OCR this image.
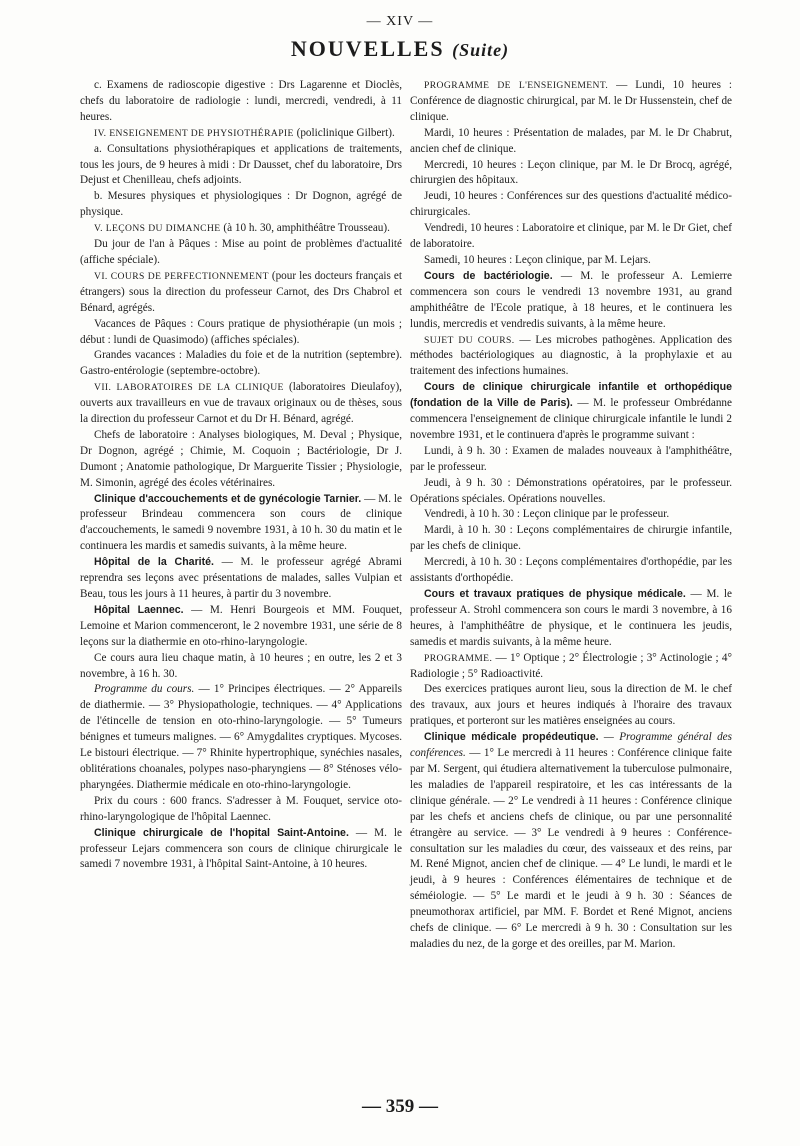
— XIV —
NOUVELLES (Suite)

c. Examens de radioscopie digestive : Drs Lagarenne et Dioclès, chefs du laboratoire de radiologie : lundi, mercredi, vendredi, à 11 heures.

IV. ENSEIGNEMENT DE PHYSIOTHÉRAPIE (policlinique Gilbert).

a. Consultations physiothérapiques et applications de traitements, tous les jours, de 9 heures à midi : Dr Dausset, chef du laboratoire, Drs Dejust et Chenilleau, chefs adjoints.

b. Mesures physiques et physiologiques : Dr Dognon, agrégé de physique.

V. LEÇONS DU DIMANCHE (à 10 h. 30, amphithéâtre Trousseau).

Du jour de l'an à Pâques : Mise au point de problèmes d'actualité (affiche spéciale).

VI. COURS DE PERFECTIONNEMENT (pour les docteurs français et étrangers) sous la direction du professeur Carnot, des Drs Chabrol et Bénard, agrégés.

Vacances de Pâques : Cours pratique de physiothérapie (un mois ; début : lundi de Quasimodo) (affiches spéciales).

Grandes vacances : Maladies du foie et de la nutrition (septembre). Gastro-entérologie (septembre-octobre).

VII. LABORATOIRES DE LA CLINIQUE (laboratoires Dieulafoy), ouverts aux travailleurs en vue de travaux originaux ou de thèses, sous la direction du professeur Carnot et du Dr H. Bénard, agrégé.

Chefs de laboratoire : Analyses biologiques, M. Deval ; Physique, Dr Dognon, agrégé ; Chimie, M. Coquoin ; Bactériologie, Dr J. Dumont ; Anatomie pathologique, Dr Marguerite Tissier ; Physiologie, M. Simonin, agrégé des écoles vétérinaires.

Clinique d'accouchements et de gynécologie Tarnier. — M. le professeur Brindeau commencera son cours de clinique d'accouchements, le samedi 9 novembre 1931, à 10 h. 30 du matin et le continuera les mardis et samedis suivants, à la même heure.

Hôpital de la Charité. — M. le professeur agrégé Abrami reprendra ses leçons avec présentations de malades, salles Vulpian et Beau, tous les jours à 11 heures, à partir du 3 novembre.

Hôpital Laennec. — M. Henri Bourgeois et MM. Fouquet, Lemoine et Marion commenceront, le 2 novembre 1931, une série de 8 leçons sur la diathermie en oto-rhino-laryngologie.

Ce cours aura lieu chaque matin, à 10 heures ; en outre, les 2 et 3 novembre, à 16 h. 30.

Programme du cours. — 1° Principes électriques. — 2° Appareils de diathermie. — 3° Physiopathologie, techniques. — 4° Applications de l'étincelle de tension en oto-rhino-laryngologie. — 5° Tumeurs bénignes et tumeurs malignes. — 6° Amygdalites cryptiques. Mycoses. Le bistouri électrique. — 7° Rhinite hypertrophique, synéchies nasales, oblitérations choanales, polypes naso-pharyngiens — 8° Sténoses vélo-pharyngées. Diathermie médicale en oto-rhino-laryngologie.

Prix du cours : 600 francs. S'adresser à M. Fouquet, service oto-rhino-laryngologique de l'hôpital Laennec.

Clinique chirurgicale de l'hopital Saint-Antoine. — M. le professeur Lejars commencera son cours de clinique chirurgicale le samedi 7 novembre 1931, à l'hôpital Saint-Antoine, à 10 heures.

PROGRAMME DE L'ENSEIGNEMENT. — Lundi, 10 heures : Conférence de diagnostic chirurgical, par M. le Dr Hussenstein, chef de clinique.

Mardi, 10 heures : Présentation de malades, par M. le Dr Chabrut, ancien chef de clinique.

Mercredi, 10 heures : Leçon clinique, par M. le Dr Brocq, agrégé, chirurgien des hôpitaux.

Jeudi, 10 heures : Conférences sur des questions d'actualité médico-chirurgicales.

Vendredi, 10 heures : Laboratoire et clinique, par M. le Dr Giet, chef de laboratoire.

Samedi, 10 heures : Leçon clinique, par M. Lejars.

Cours de bactériologie. — M. le professeur A. Lemierre commencera son cours le vendredi 13 novembre 1931, au grand amphithéâtre de l'Ecole pratique, à 18 heures, et le continuera les lundis, mercredis et vendredis suivants, à la même heure.

SUJET DU COURS. — Les microbes pathogènes. Application des méthodes bactériologiques au diagnostic, à la prophylaxie et au traitement des infections humaines.

Cours de clinique chirurgicale infantile et orthopédique (fondation de la Ville de Paris). — M. le professeur Ombrédanne commencera l'enseignement de clinique chirurgicale infantile le lundi 2 novembre 1931, et le continuera d'après le programme suivant :

Lundi, à 9 h. 30 : Examen de malades nouveaux à l'amphithéâtre, par le professeur.

Jeudi, à 9 h. 30 : Démonstrations opératoires, par le professeur. Opérations spéciales. Opérations nouvelles.

Vendredi, à 10 h. 30 : Leçon clinique par le professeur.

Mardi, à 10 h. 30 : Leçons complémentaires de chirurgie infantile, par les chefs de clinique.

Mercredi, à 10 h. 30 : Leçons complémentaires d'orthopédie, par les assistants d'orthopédie.

Cours et travaux pratiques de physique médicale. — M. le professeur A. Strohl commencera son cours le mardi 3 novembre, à 16 heures, à l'amphithéâtre de physique, et le continuera les jeudis, samedis et mardis suivants, à la même heure.

PROGRAMME. — 1° Optique ; 2° Électrologie ; 3° Actinologie ; 4° Radiologie ; 5° Radioactivité.

Des exercices pratiques auront lieu, sous la direction de M. le chef des travaux, aux jours et heures indiqués à l'horaire des travaux pratiques, et porteront sur les matières enseignées au cours.

Clinique médicale propédeutique. — Programme général des conférences. — 1° Le mercredi à 11 heures : Conférence clinique faite par M. Sergent, qui étudiera alternativement la tuberculose pulmonaire, les maladies de l'appareil respiratoire, et les cas intéressants de la clinique générale. — 2° Le vendredi à 11 heures : Conférence clinique par les chefs et anciens chefs de clinique, ou par une personnalité étrangère au service. — 3° Le vendredi à 9 heures : Conférence-consultation sur les maladies du cœur, des vaisseaux et des reins, par M. René Mignot, ancien chef de clinique. — 4° Le lundi, le mardi et le jeudi, à 9 heures : Conférences élémentaires de technique et de séméiologie. — 5° Le mardi et le jeudi à 9 h. 30 : Séances de pneumothorax artificiel, par MM. F. Bordet et René Mignot, anciens chefs de clinique. — 6° Le mercredi à 9 h. 30 : Consultation sur les maladies du nez, de la gorge et des oreilles, par M. Marion.

— 359 —
